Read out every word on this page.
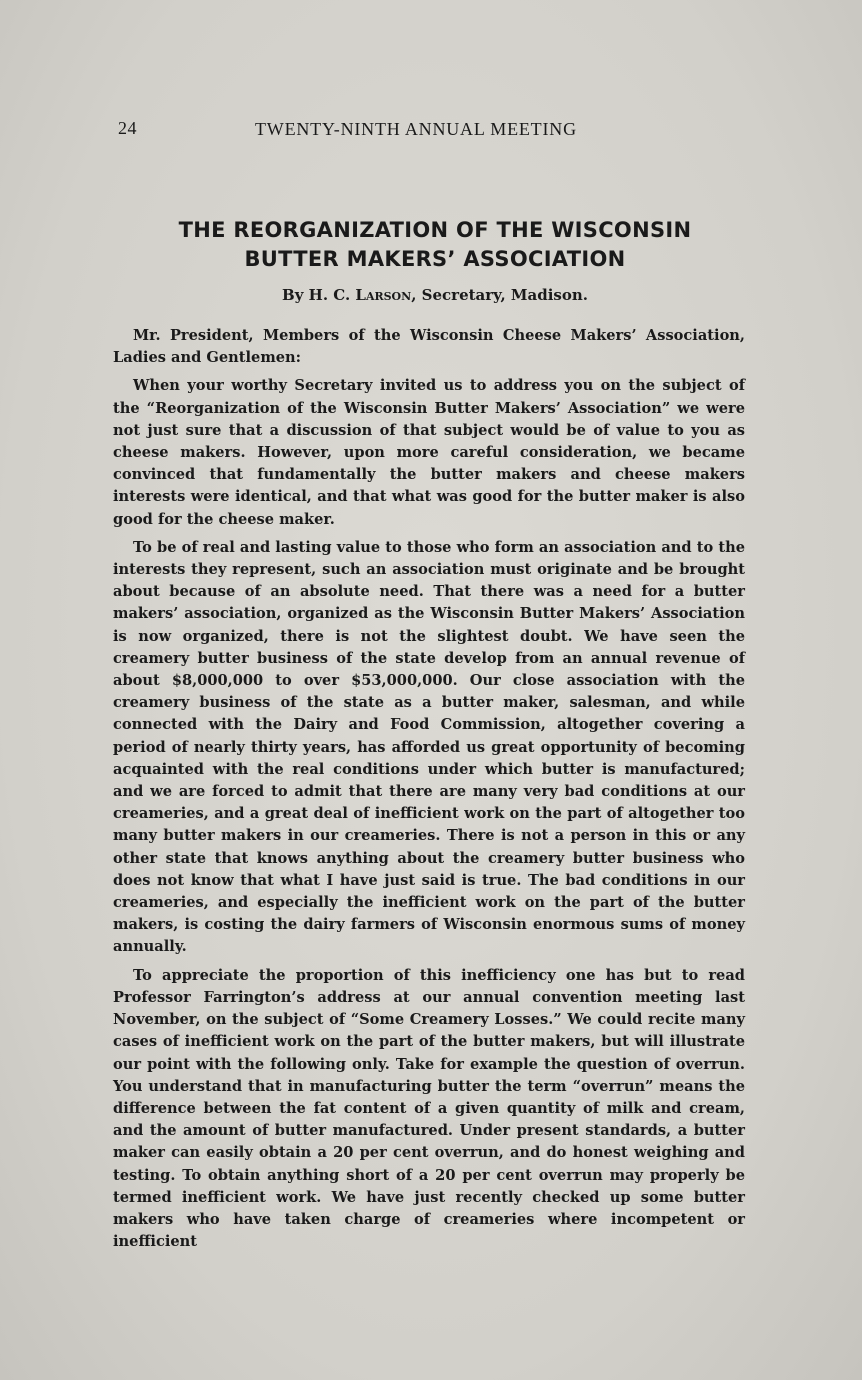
24	TWENTY-NINTH ANNUAL MEETING
THE REORGANIZATION OF THE WISCONSIN
BUTTER MAKERS’ ASSOCIATION
By H. C. Larson, Secretary, Madison.

Mr. President, Members of the Wisconsin Cheese Makers’ Association, Ladies and Gentlemen:

When your worthy Secretary invited us to address you on the subject of the “Reorganization of the Wisconsin Butter Makers’ Association” we were not just sure that a discussion of that subject would be of value to you as cheese makers. However, upon more careful consideration, we became convinced that fundamentally the butter makers and cheese makers interests were identical, and that what was good for the butter maker is also good for the cheese maker.

To be of real and lasting value to those who form an association and to the interests they represent, such an association must originate and be brought about because of an absolute need. That there was a need for a butter makers’ association, organized as the Wisconsin Butter Makers’ Association is now organized, there is not the slightest doubt. We have seen the creamery butter business of the state develop from an annual revenue of about $8,000,000 to over $53,000,000. Our close association with the creamery business of the state as a butter maker, salesman, and while connected with the Dairy and Food Commission, altogether covering a period of nearly thirty years, has afforded us great opportunity of becoming acquainted with the real conditions under which butter is manufactured; and we are forced to admit that there are many very bad conditions at our creameries, and a great deal of inefficient work on the part of altogether too many butter makers in our creameries. There is not a person in this or any other state that knows anything about the creamery butter business who does not know that what I have just said is true. The bad conditions in our creameries, and especially the inefficient work on the part of the butter makers, is costing the dairy farmers of Wisconsin enormous sums of money annually.

To appreciate the proportion of this inefficiency one has but to read Professor Farrington’s address at our annual convention meeting last November, on the subject of “Some Creamery Losses.” We could recite many cases of inefficient work on the part of the butter makers, but will illustrate our point with the following only. Take for example the question of overrun. You understand that in manufacturing butter the term “overrun” means the difference between the fat content of a given quantity of milk and cream, and the amount of butter manufactured. Under present standards, a butter maker can easily obtain a 20 per cent overrun, and do honest weighing and testing. To obtain anything short of a 20 per cent overrun may properly be termed inefficient work. We have just recently checked up some butter makers who have taken charge of creameries where incompetent or inefficient
